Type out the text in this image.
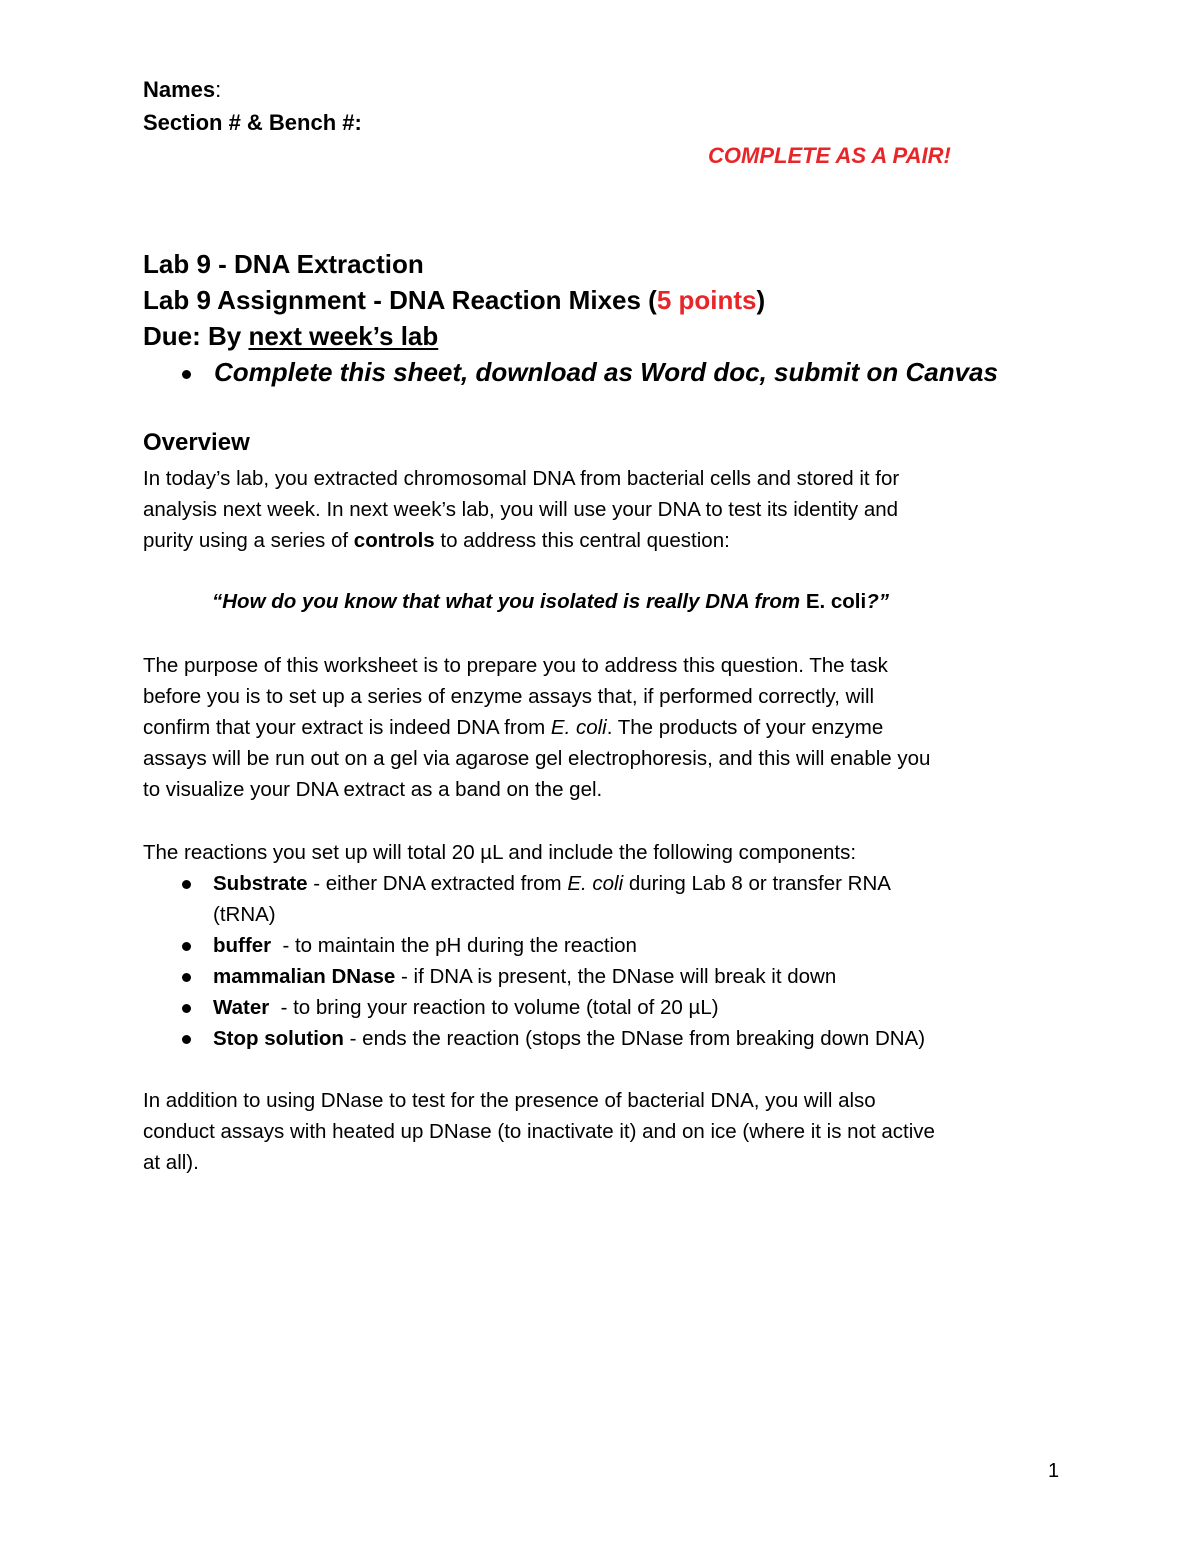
Names:
Section # & Bench #:
COMPLETE AS A PAIR!
Lab 9 - DNA Extraction
Lab 9 Assignment - DNA Reaction Mixes (5 points)
Due: By next week’s lab
Complete this sheet, download as Word doc, submit on Canvas
Overview
In today’s lab, you extracted chromosomal DNA from bacterial cells and stored it for
analysis next week. In next week’s lab, you will use your DNA to test its identity and
purity using a series of controls to address this central question:
“How do you know that what you isolated is really DNA from E. coli?”
The purpose of this worksheet is to prepare you to address this question. The task
before you is to set up a series of enzyme assays that, if performed correctly, will
confirm that your extract is indeed DNA from E. coli. The products of your enzyme
assays will be run out on a gel via agarose gel electrophoresis, and this will enable you
to visualize your DNA extract as a band on the gel.
The reactions you set up will total 20 µL and include the following components:
Substrate - either DNA extracted from E. coli during Lab 8 or transfer RNA
(tRNA)
buffer  - to maintain the pH during the reaction
mammalian DNase - if DNA is present, the DNase will break it down
Water  - to bring your reaction to volume (total of 20 µL)
Stop solution - ends the reaction (stops the DNase from breaking down DNA)
In addition to using DNase to test for the presence of bacterial DNA, you will also
conduct assays with heated up DNase (to inactivate it) and on ice (where it is not active
at all).
1
